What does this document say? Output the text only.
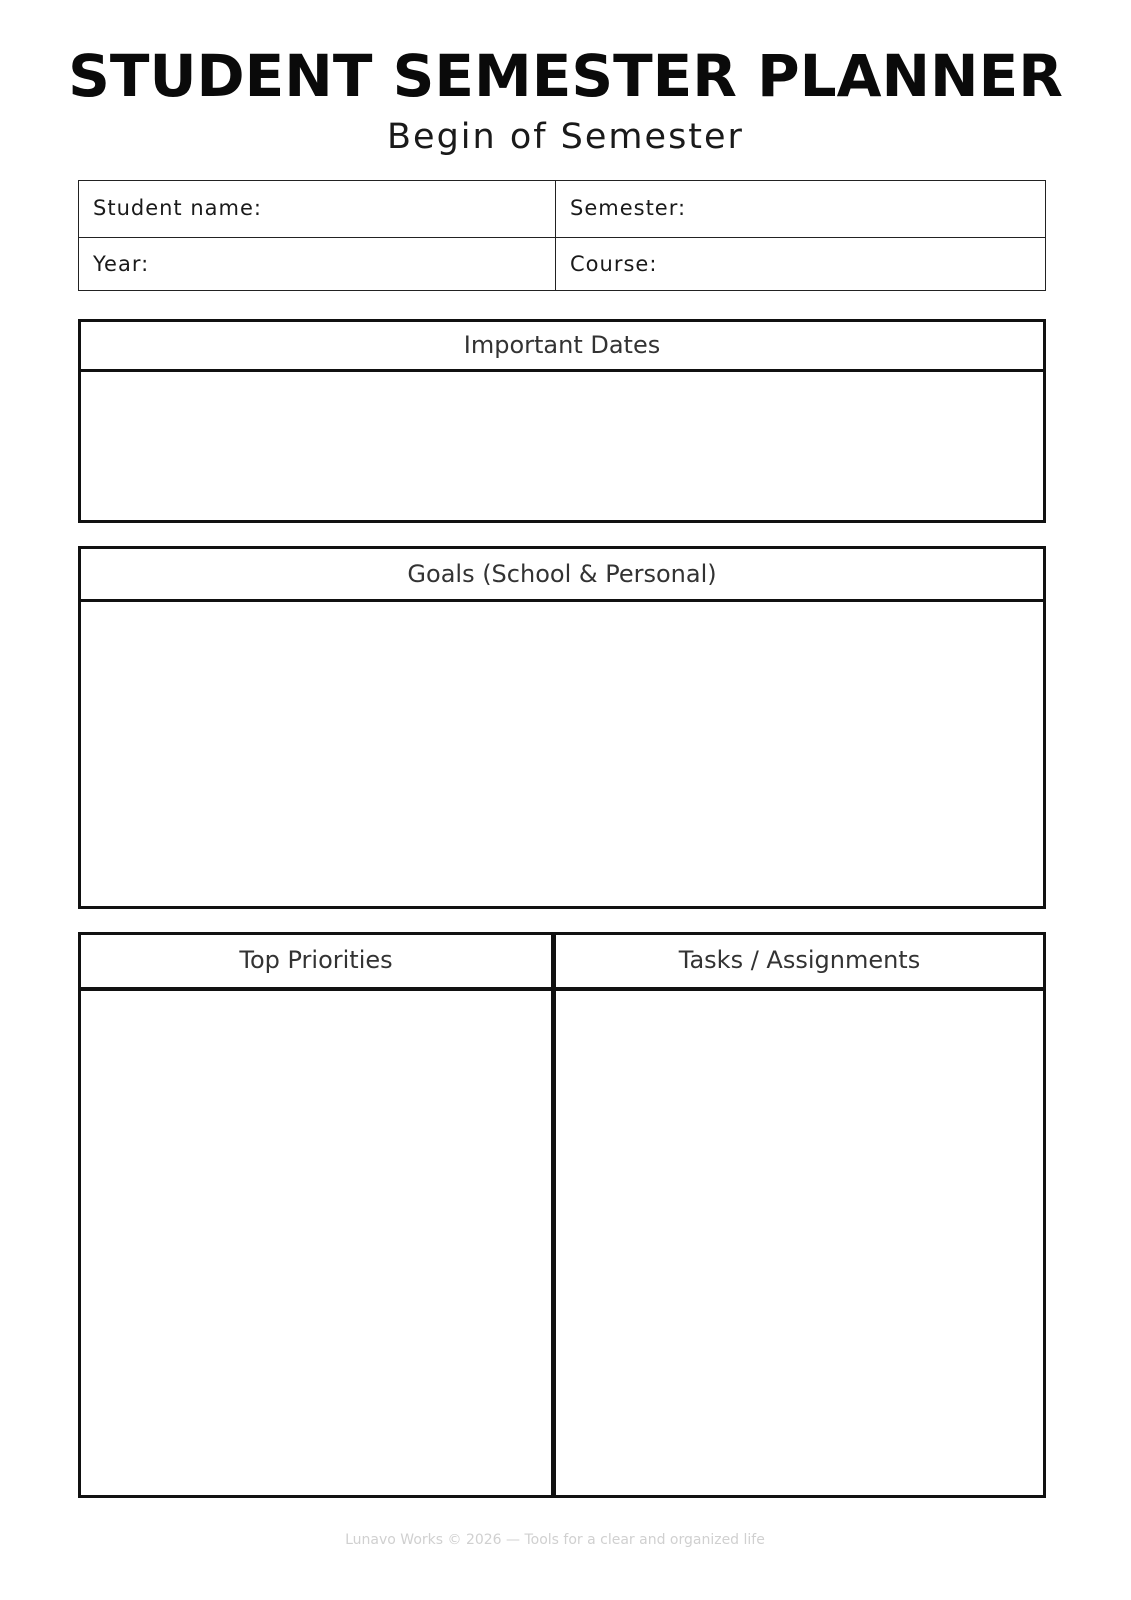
STUDENT SEMESTER PLANNER
Begin of Semester
Student name:	Semester:
Year:	Course:
Important Dates
Goals (School & Personal)
Top Priorities	Tasks / Assignments
Lunavo Works © 2026 — Tools for a clear and organized life
